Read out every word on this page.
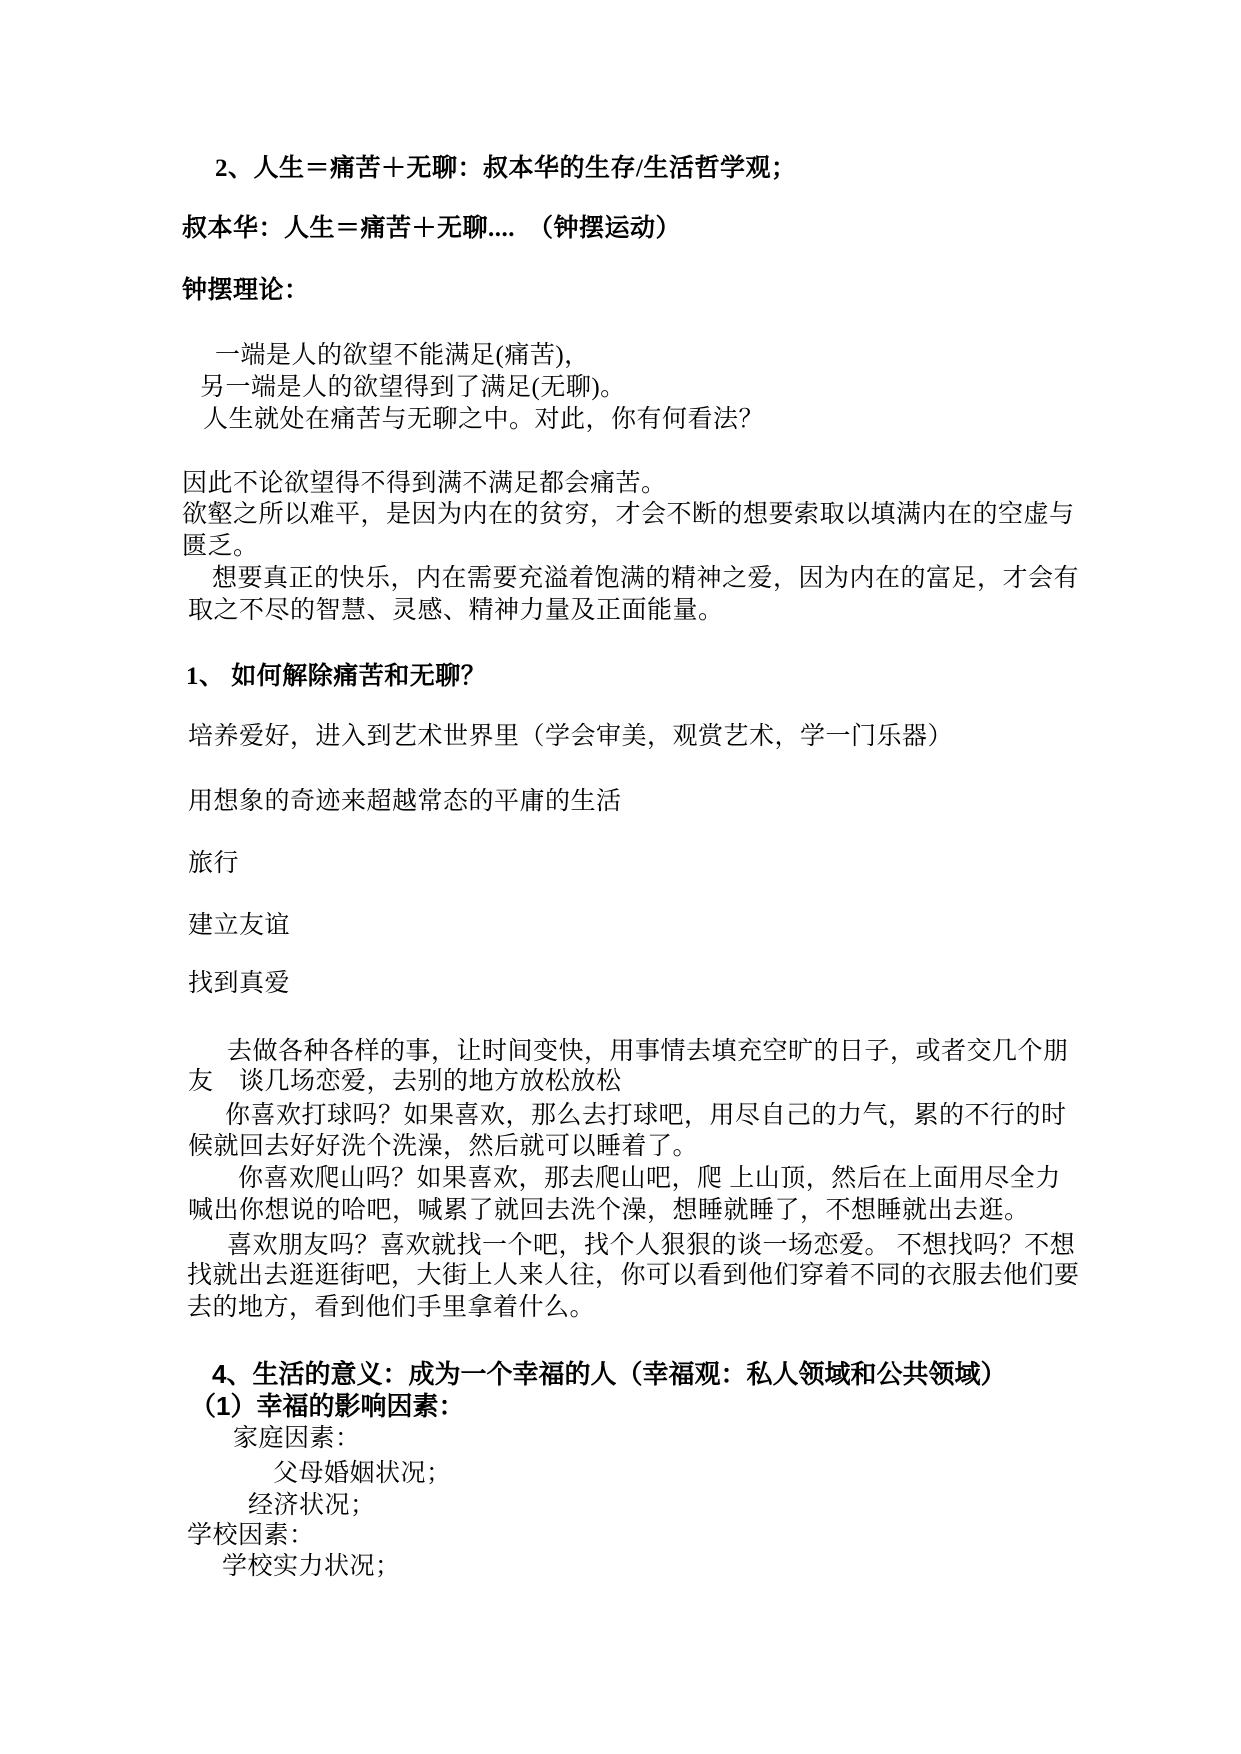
2、人生＝痛苦＋无聊：叔本华的生存/生活哲学观；
叔本华：人生＝痛苦＋无聊....　（钟摆运动）
钟摆理论：
一端是人的欲望不能满足(痛苦)，
另一端是人的欲望得到了满足(无聊)。
人生就处在痛苦与无聊之中。对此，你有何看法？
因此不论欲望得不得到满不满足都会痛苦。
欲壑之所以难平，是因为内在的贫穷，才会不断的想要索取以填满内在的空虚与
匮乏。
想要真正的快乐，内在需要充溢着饱满的精神之爱，因为内在的富足，才会有
取之不尽的智慧、灵感、精神力量及正面能量。
1、 如何解除痛苦和无聊？
培养爱好，进入到艺术世界里（学会审美，观赏艺术，学一门乐器）
用想象的奇迹来超越常态的平庸的生活
旅行
建立友谊
找到真爱
去做各种各样的事，让时间变快，用事情去填充空旷的日子，或者交几个朋
友　谈几场恋爱，去别的地方放松放松
你喜欢打球吗？如果喜欢，那么去打球吧，用尽自己的力气，累的不行的时
候就回去好好洗个洗澡，然后就可以睡着了。
你喜欢爬山吗？如果喜欢，那去爬山吧，爬 上山顶，然后在上面用尽全力
喊出你想说的哈吧，喊累了就回去洗个澡，想睡就睡了，不想睡就出去逛。
喜欢朋友吗？喜欢就找一个吧，找个人狠狠的谈一场恋爱。 不想找吗？不想
找就出去逛逛街吧，大街上人来人往，你可以看到他们穿着不同的衣服去他们要
去的地方，看到他们手里拿着什么。
4、生活的意义：成为一个幸福的人（幸福观：私人领域和公共领域）
（1）幸福的影响因素：
家庭因素：
父母婚姻状况；
经济状况；
学校因素：
学校实力状况；
